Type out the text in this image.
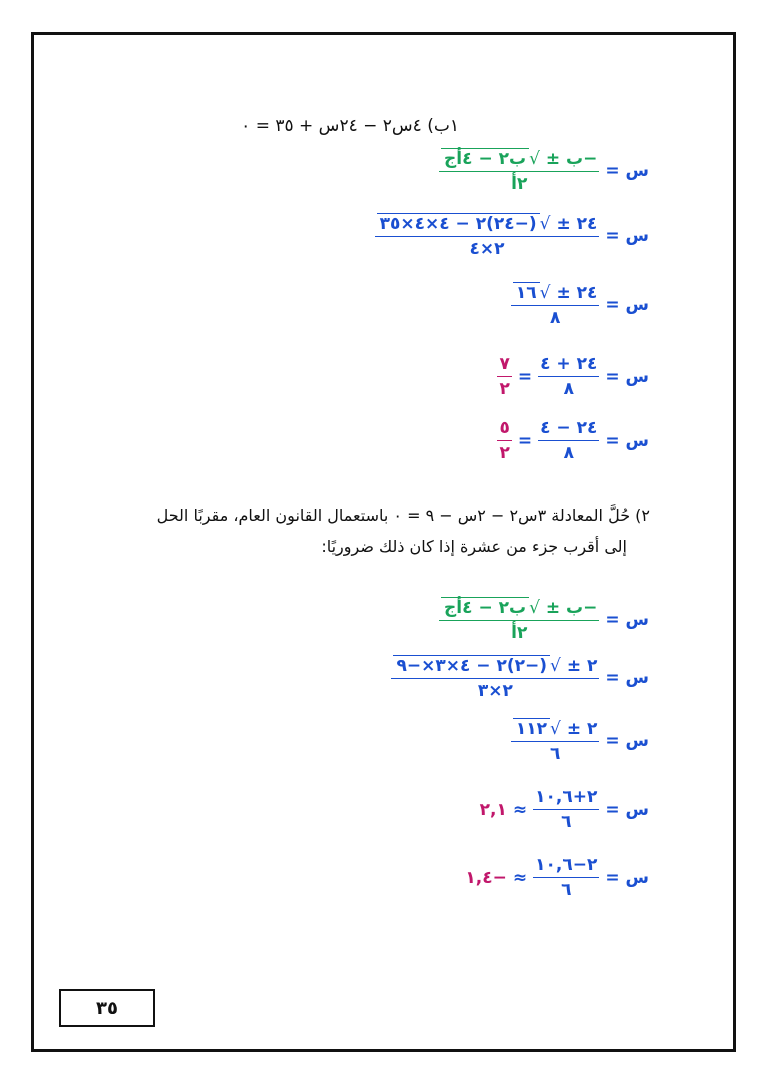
١ب) ٤س٢ − ٢٤س + ٣٥ = ٠
س =
$\frac{\text{−ب ± √ب٢ − ٤أج}}{\text{٢أ}}$
س =
$\frac{٢٤ \pm √(-٢٤)٢ - ٤\times ٤\times ٣٥}{٢\times ٤}$
س =
$\frac{٢٤ \pm √١٦}{٨}$
س =
$\frac{٢٤ + ٤}{٨}$
=
$\frac{٧}{٢}$
س =
$\frac{٢٤ - ٤}{٨}$
=
$\frac{٥}{٢}$
٢) حُلَّ المعادلة ٣س٢ − ٢س − ٩ = ٠ باستعمال القانون العام، مقربًا الحل
إلى أقرب جزء من عشرة إذا كان ذلك ضروريًا:
س =
$\frac{\text{−ب ± √ب٢ − ٤أج}}{\text{٢أ}}$
س =
$\frac{٢ \pm √(-٢)٢ - ٤\times ٣\times-٩}{٢\times ٣}$
س =
$\frac{٢ \pm √١١٢}{٦}$
س =
$\frac{٢+١٠,٦}{٦}$
≈
٢,١
س =
$\frac{٢-١٠,٦}{٦}$
≈
−١,٤
٣٥
